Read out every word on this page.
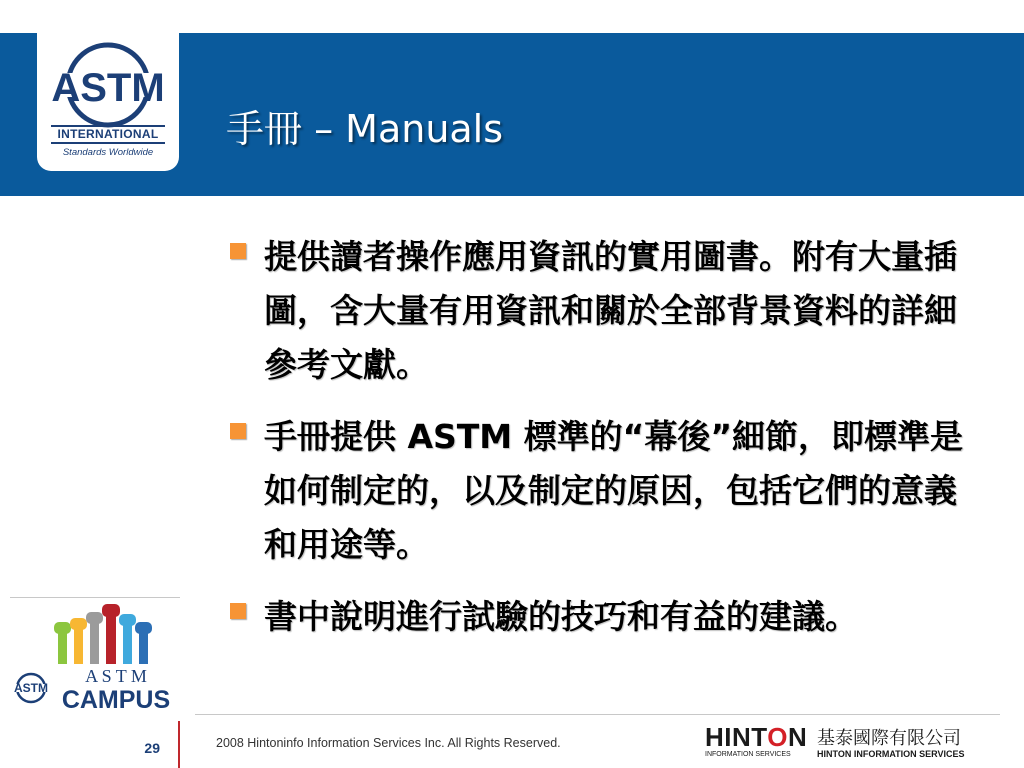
ASTM
INTERNATIONAL
Standards Worldwide
手冊 – Manuals
提供讀者操作應用資訊的實用圖書。附有大量插圖，含大量有用資訊和關於全部背景資料的詳細參考文獻。
手冊提供 ASTM 標準的“幕後”細節，即標準是如何制定的，以及制定的原因，包括它們的意義和用途等。
書中說明進行試驗的技巧和有益的建議。
ASTM
A S T M
CAMPUS
29	2008 Hintoninfo Information Services Inc. All Rights Reserved.	HINTON 基泰國際有限公司
INFORMATION SERVICES	HINTON INFORMATION SERVICES
